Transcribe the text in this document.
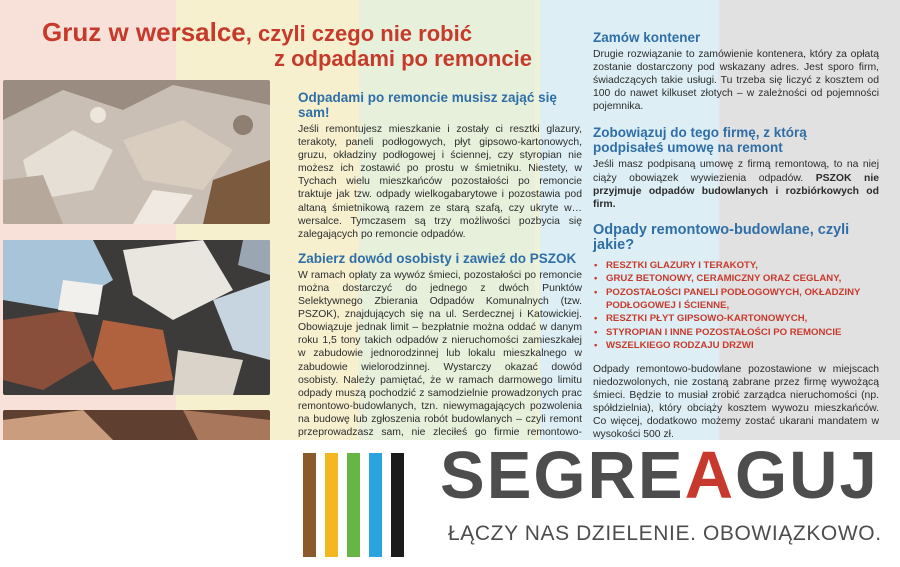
Gruz w wersalce, czyli czego nie robić
z odpadami po remoncie
Odpadami po remoncie musisz zająć się sam!
Jeśli remontujesz mieszkanie i zostały ci resztki glazury, terakoty, paneli podłogowych, płyt gipsowo-kartonowych, gruzu, okładziny podłogowej i ściennej, czy styropian nie możesz ich zostawić po prostu w śmietniku. Niestety, w Tychach wielu mieszkańców pozostałości po remoncie traktuje jak tzw. odpady wielkogabarytowe i pozostawia pod altaną śmietnikową razem ze starą szafą, czy ukryte w… wersalce. Tymczasem są trzy możliwości pozbycia się zalegających po remoncie odpadów.
Zabierz dowód osobisty i zawieź do PSZOK
W ramach opłaty za wywóz śmieci, pozostałości po remoncie można dostarczyć do jednego z dwóch Punktów Selektywnego Zbierania Odpadów Komunalnych (tzw. PSZOK), znajdujących się na ul. Serdecznej i Katowickiej. Obowiązuje jednak limit – bezpłatnie można oddać w danym roku 1,5 tony takich odpadów z nieruchomości zamieszkałej w zabudowie jednorodzinnej lub lokalu mieszkalnego w zabudowie wielorodzinnej. Wystarczy okazać dowód osobisty. Należy pamiętać, że w ramach darmowego limitu odpady muszą pochodzić z samodzielnie prowadzonych prac remontowo-budowlanych, tzn. niewymagających pozwolenia na budowę lub zgłoszenia robót budowlanych – czyli remont przeprowadzasz sam, nie zleciłeś go firmie remontowo-
Zamów kontener
Drugie rozwiązanie to zamówienie kontenera, który za opłatą zostanie dostarczony pod wskazany adres. Jest sporo firm, świadczących takie usługi. Tu trzeba się liczyć z kosztem od 100 do nawet kilkuset złotych – w zależności od pojemności pojemnika.
Zobowiązuj do tego firmę, z którą podpisałeś umowę na remont
Jeśli masz podpisaną umowę z firmą remontową, to na niej ciąży obowiązek wywiezienia odpadów. PSZOK nie przyjmuje odpadów budowlanych i rozbiórkowych od firm.
Odpady remontowo-budowlane, czyli jakie?
• RESZTKI GLAZURY I TERAKOTY,
• GRUZ BETONOWY, CERAMICZNY ORAZ CEGLANY,
• POZOSTAŁOŚCI PANELI PODŁOGOWYCH, OKŁADZINY PODŁOGOWEJ I ŚCIENNE,
• RESZTKI PŁYT GIPSOWO-KARTONOWYCH,
• STYROPIAN I INNE POZOSTAŁOŚCI PO REMONCIE
• WSZELKIEGO RODZAJU DRZWI
Odpady remontowo-budowlane pozostawione w miejscach niedozwolonych, nie zostaną zabrane przez firmę wywożącą śmieci. Będzie to musiał zrobić zarządca nieruchomości (np. spółdzielnia), który obciąży kosztem wywozu mieszkańców. Co więcej, dodatkowo możemy zostać ukarani mandatem w wysokości 500 zł.
SEGREAGUJ
ŁĄCZY NAS DZIELENIE. OBOWIĄZKOWO.
